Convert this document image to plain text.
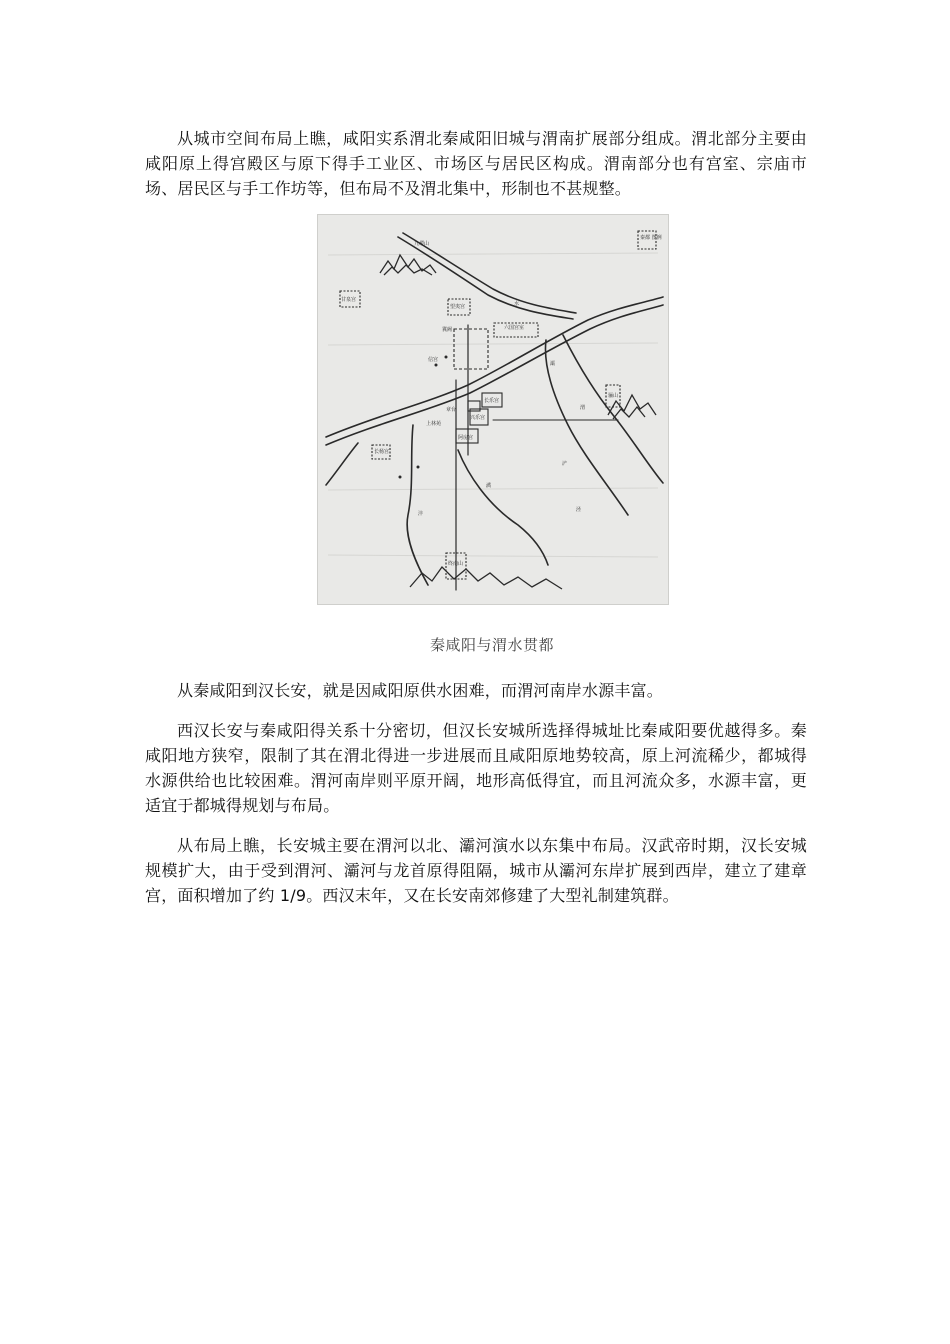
从城市空间布局上瞧，咸阳实系渭北秦咸阳旧城与渭南扩展部分组成。渭北部分主要由咸阳原上得宫殿区与原下得手工业区、市场区与居民区构成。渭南部分也有宫室、宗庙市场、居民区与手工作坊等，但布局不及渭北集中，形制也不甚规整。

秦都 图例
九嵕山
甘泉宫
望夷宫	水
六国宫室
冀阙
信宫
阿房宫
上林苑
章台
兴乐宫
长乐宫
骊山
终南山
长杨宫
渭
沣
潏
浐
灞
泾
秦咸阳与渭水贯都

从秦咸阳到汉长安，就是因咸阳原供水困难，而渭河南岸水源丰富。

西汉长安与秦咸阳得关系十分密切，但汉长安城所选择得城址比秦咸阳要优越得多。秦咸阳地方狭窄，限制了其在渭北得进一步进展而且咸阳原地势较高，原上河流稀少，都城得水源供给也比较困难。渭河南岸则平原开阔，地形高低得宜，而且河流众多，水源丰富，更适宜于都城得规划与布局。

从布局上瞧，长安城主要在渭河以北、灞河演水以东集中布局。汉武帝时期，汉长安城规模扩大，由于受到渭河、灞河与龙首原得阻隔，城市从灞河东岸扩展到西岸，建立了建章宫，面积增加了约 1/9。西汉末年，又在长安南郊修建了大型礼制建筑群。
